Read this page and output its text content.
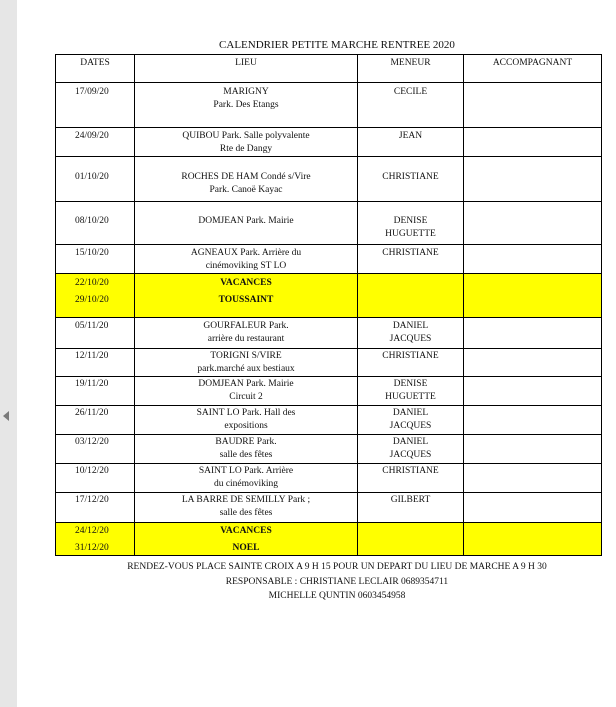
CALENDRIER PETITE MARCHE RENTREE 2020
DATES	LIEU	MENEUR	ACCOMPAGNANT

17/09/20	MARIGNY
Park. Des Etangs	CECILE	

24/09/20	QUIBOU Park. Salle polyvalente
Rte de Dangy	JEAN	

01/10/20	ROCHES DE HAM Condé s/Vire
Park. Canoë Kayac	CHRISTIANE	

08/10/20	DOMJEAN Park. Mairie	DENISE
HUGUETTE	

15/10/20	AGNEAUX Park. Arrière du
cinémoviking ST LO	CHRISTIANE	

22/10/20
29/10/20	VACANCES
TOUSSAINT		

05/11/20	GOURFALEUR Park.
arrière du restaurant	DANIEL
JACQUES	

12/11/20	TORIGNI S/VIRE
park.marché aux bestiaux	CHRISTIANE	

19/11/20	DOMJEAN Park. Mairie
Circuit 2	DENISE
HUGUETTE	

26/11/20	SAINT LO Park. Hall des
expositions	DANIEL
JACQUES	

03/12/20	BAUDRE Park.
salle des fêtes	DANIEL
JACQUES	

10/12/20	SAINT LO Park. Arrière
du cinémoviking	CHRISTIANE	

17/12/20	LA BARRE DE SEMILLY Park ;
salle des fêtes	GILBERT	

24/12/20
31/12/20	VACANCES
NOEL		

RENDEZ-VOUS PLACE SAINTE CROIX A 9 H 15 POUR UN DEPART DU LIEU DE MARCHE A 9 H 30
RESPONSABLE : CHRISTIANE LECLAIR 0689354711
MICHELLE QUNTIN 0603454958
